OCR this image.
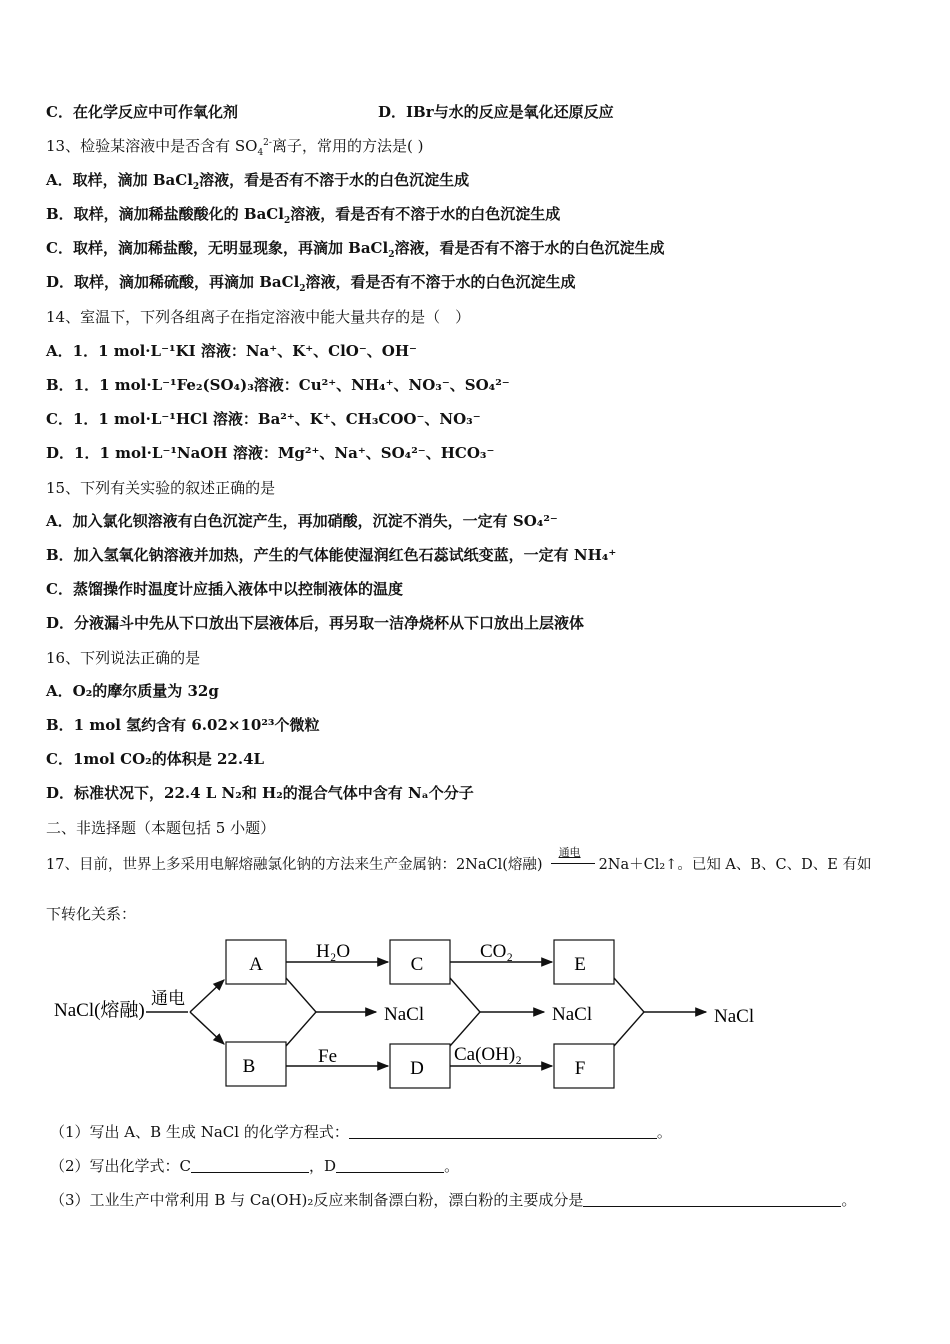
C．在化学反应中可作氧化剂	D．IBr与水的反应是氧化还原反应
13、检验某溶液中是否含有 $SO_4^{2-}$离子，常用的方法是( )
A．取样，滴加 BaCl$_2$溶液，看是否有不溶于水的白色沉淀生成
B．取样，滴加稀盐酸酸化的 BaCl$_2$溶液，看是否有不溶于水的白色沉淀生成
C．取样，滴加稀盐酸，无明显现象，再滴加 BaCl$_2$溶液，看是否有不溶于水的白色沉淀生成
D．取样，滴加稀硫酸，再滴加 BaCl$_2$溶液，看是否有不溶于水的白色沉淀生成
14、室温下，下列各组离子在指定溶液中能大量共存的是（　）
A．1．1 mol·L⁻¹KI 溶液：Na⁺、K⁺、ClO⁻、OH⁻
B．1．1 mol·L⁻¹Fe₂(SO₄)₃溶液：Cu²⁺、NH₄⁺、NO₃⁻、SO₄²⁻
C．1．1 mol·L⁻¹HCl 溶液：Ba²⁺、K⁺、CH₃COO⁻、NO₃⁻
D．1．1 mol·L⁻¹NaOH 溶液：Mg²⁺、Na⁺、SO₄²⁻、HCO₃⁻
15、下列有关实验的叙述正确的是
A．加入氯化钡溶液有白色沉淀产生，再加硝酸，沉淀不消失，一定有 SO₄²⁻
B．加入氢氧化钠溶液并加热，产生的气体能使湿润红色石蕊试纸变蓝，一定有 NH₄⁺
C．蒸馏操作时温度计应插入液体中以控制液体的温度
D．分液漏斗中先从下口放出下层液体后，再另取一洁净烧杯从下口放出上层液体
16、下列说法正确的是
A．O₂的摩尔质量为 32g
B．1 mol 氢约含有 6.02×10²³个微粒
C．1mol CO₂的体积是 22.4L
D．标准状况下，22.4 L N₂和 H₂的混合气体中含有 Nₐ个分子
二、非选择题（本题包括 5 小题）
17、目前，世界上多采用电解熔融氯化钠的方法来生产金属钠：2NaCl(熔融)
通电
2Na＋Cl₂↑。已知 A、B、C、D、E 有如
下转化关系：
NaCl(熔融)
通电
A
B
C
D
E
F
H₂O	CO₂
Fe	Ca(OH)₂
NaCl	NaCl	NaCl
（1）写出 A、B 生成 NaCl 的化学方程式：	。
（2）写出化学式：C	，D	。
（3）工业生产中常利用 B 与 Ca(OH)₂反应来制备漂白粉，漂白粉的主要成分是	。
